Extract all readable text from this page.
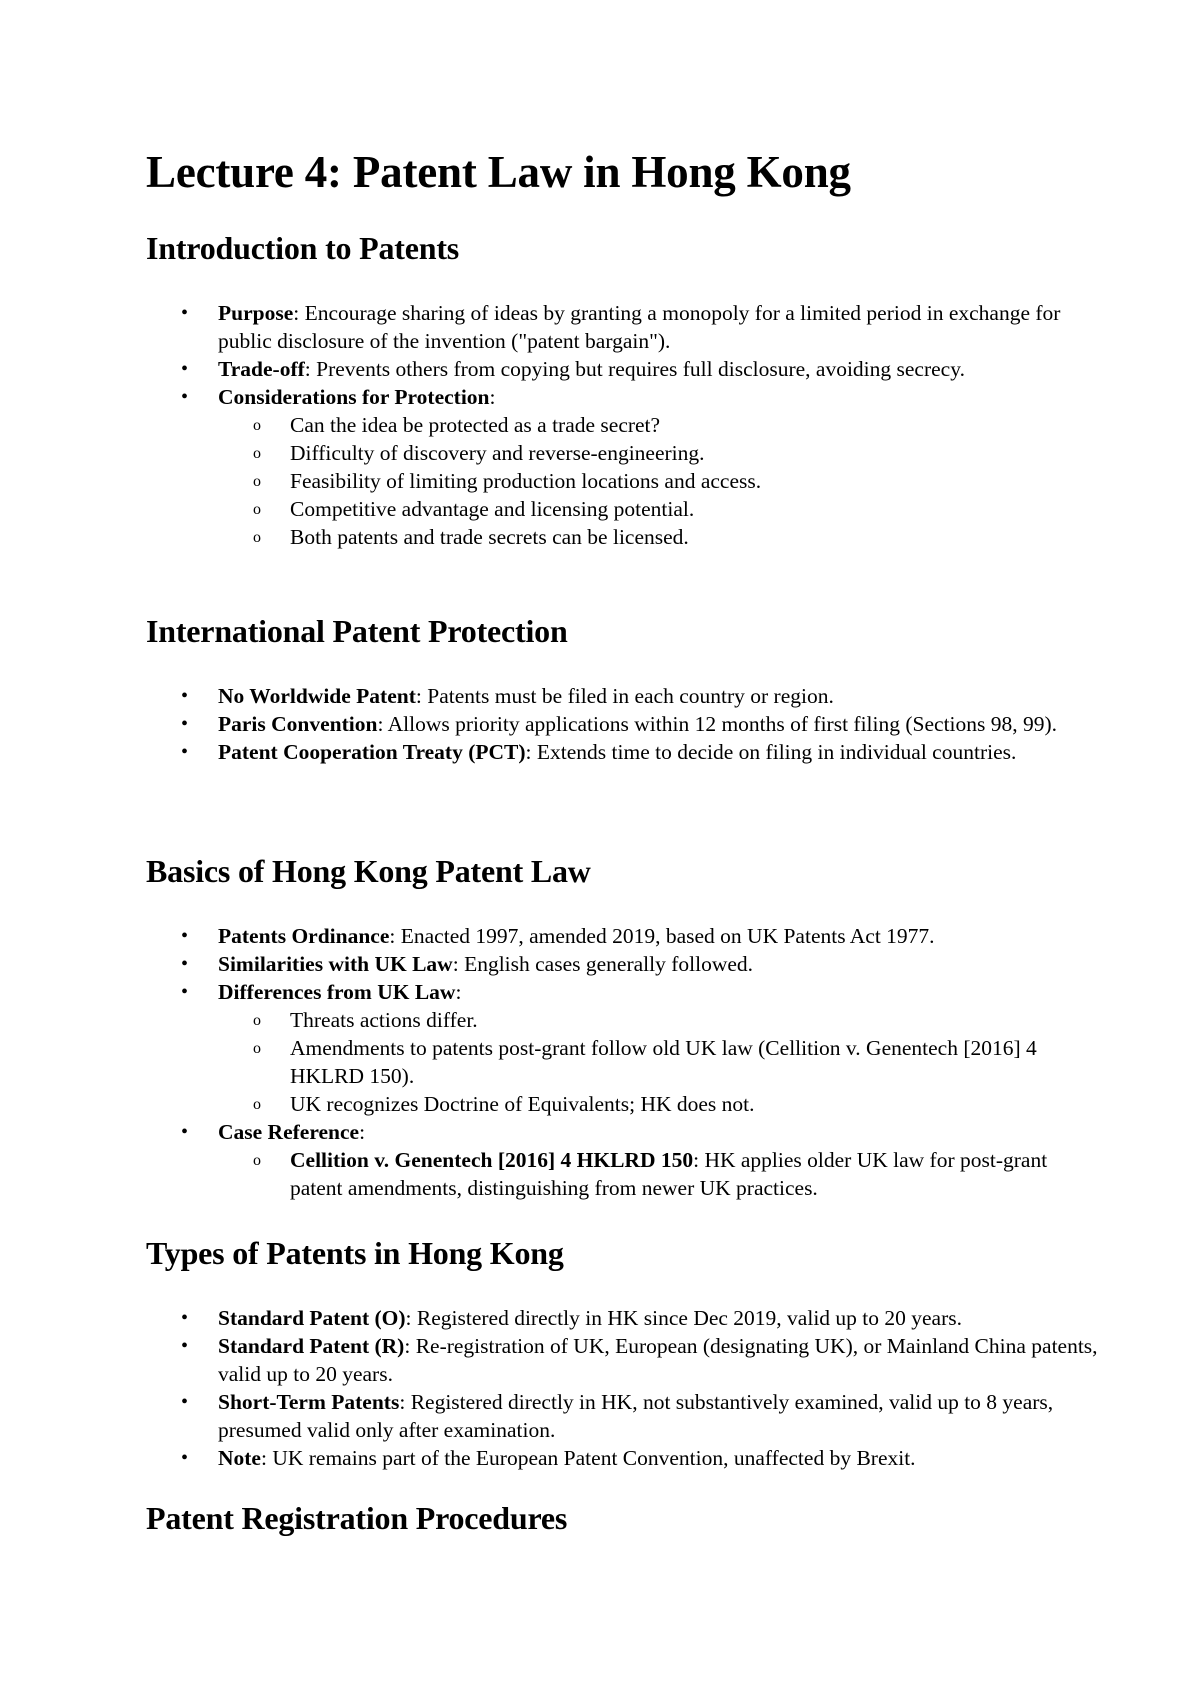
Lecture 4: Patent Law in Hong Kong
Introduction to Patents
• Purpose: Encourage sharing of ideas by granting a monopoly for a limited period in exchange for public disclosure of the invention ("patent bargain").
• Trade-off: Prevents others from copying but requires full disclosure, avoiding secrecy.
• Considerations for Protection:
o Can the idea be protected as a trade secret?
o Difficulty of discovery and reverse-engineering.
o Feasibility of limiting production locations and access.
o Competitive advantage and licensing potential.
o Both patents and trade secrets can be licensed.
International Patent Protection
• No Worldwide Patent: Patents must be filed in each country or region.
• Paris Convention: Allows priority applications within 12 months of first filing (Sections 98, 99).
• Patent Cooperation Treaty (PCT): Extends time to decide on filing in individual countries.
Basics of Hong Kong Patent Law
• Patents Ordinance: Enacted 1997, amended 2019, based on UK Patents Act 1977.
• Similarities with UK Law: English cases generally followed.
• Differences from UK Law:
o Threats actions differ.
o Amendments to patents post-grant follow old UK law (Cellition v. Genentech [2016] 4 HKLRD 150).
o UK recognizes Doctrine of Equivalents; HK does not.
• Case Reference:
o Cellition v. Genentech [2016] 4 HKLRD 150: HK applies older UK law for post-grant patent amendments, distinguishing from newer UK practices.
Types of Patents in Hong Kong
• Standard Patent (O): Registered directly in HK since Dec 2019, valid up to 20 years.
• Standard Patent (R): Re-registration of UK, European (designating UK), or Mainland China patents, valid up to 20 years.
• Short-Term Patents: Registered directly in HK, not substantively examined, valid up to 8 years, presumed valid only after examination.
• Note: UK remains part of the European Patent Convention, unaffected by Brexit.
Patent Registration Procedures
